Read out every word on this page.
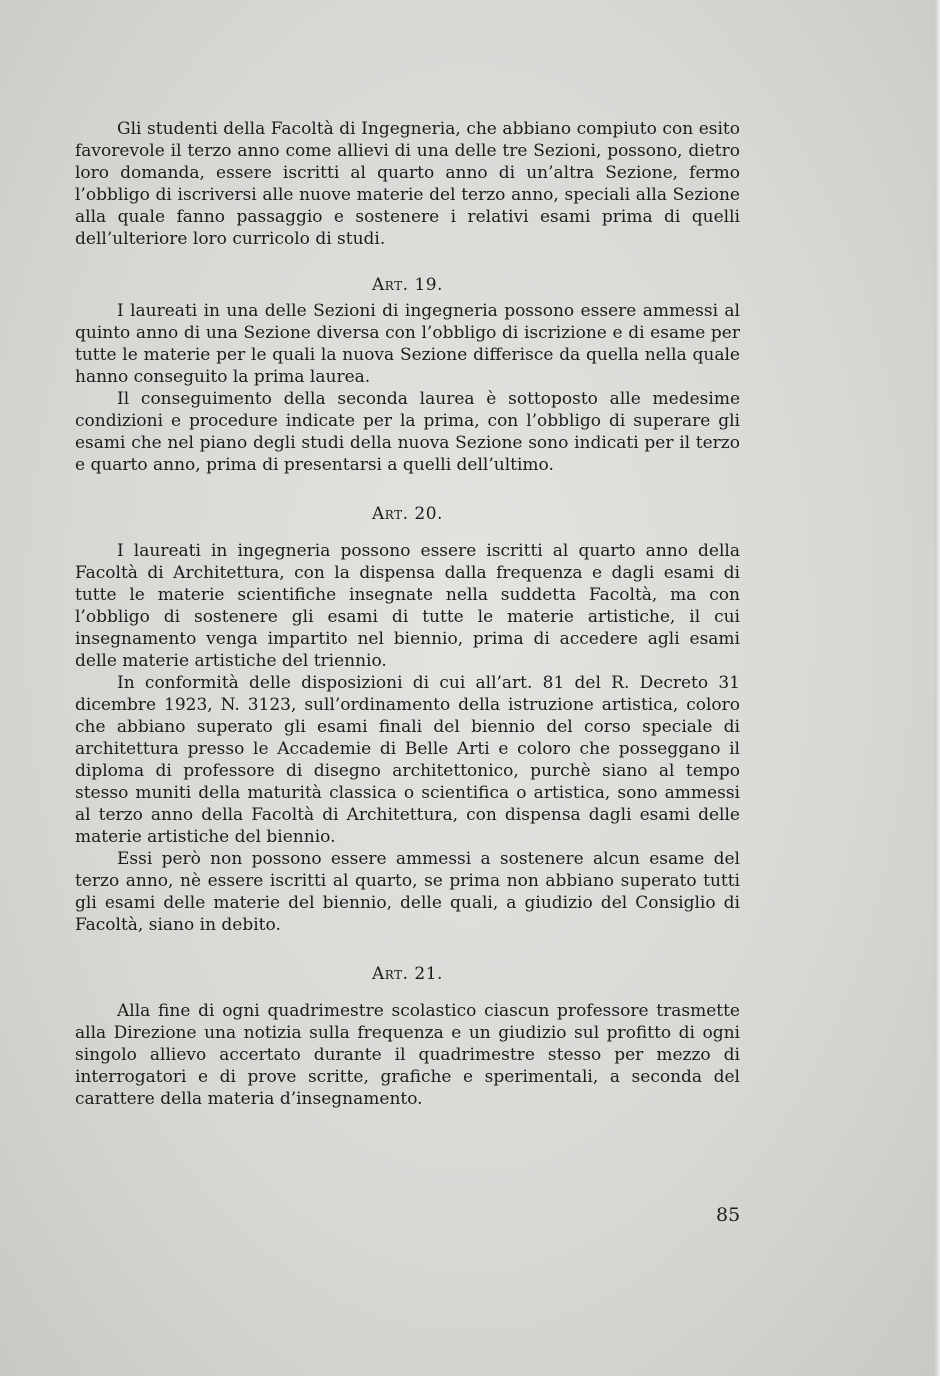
Gli studenti della Facoltà di Ingegneria, che abbiano compiuto con esito favorevole il terzo anno come allievi di una delle tre Sezioni, possono, dietro loro domanda, essere iscritti al quarto anno di un’altra Sezione, fermo l’obbligo di iscriversi alle nuove materie del terzo anno, speciali alla Sezione alla quale fanno passaggio e sostenere i relativi esami prima di quelli dell’ulteriore loro curricolo di studi.

Art. 19.

I laureati in una delle Sezioni di ingegneria possono essere ammessi al quinto anno di una Sezione diversa con l’obbligo di iscrizione e di esame per tutte le materie per le quali la nuova Sezione differisce da quella nella quale hanno conseguito la prima laurea.

Il conseguimento della seconda laurea è sottoposto alle medesime condizioni e procedure indicate per la prima, con l’obbligo di superare gli esami che nel piano degli studi della nuova Sezione sono indicati per il terzo e quarto anno, prima di presentarsi a quelli dell’ultimo.

Art. 20.

I laureati in ingegneria possono essere iscritti al quarto anno della Facoltà di Architettura, con la dispensa dalla frequenza e dagli esami di tutte le materie scientifiche insegnate nella suddetta Facoltà, ma con l’obbligo di sostenere gli esami di tutte le materie artistiche, il cui insegnamento venga impartito nel biennio, prima di accedere agli esami delle materie artistiche del triennio.

In conformità delle disposizioni di cui all’art. 81 del R. Decreto 31 dicembre 1923, N. 3123, sull’ordinamento della istruzione artistica, coloro che abbiano superato gli esami finali del biennio del corso speciale di architettura presso le Accademie di Belle Arti e coloro che posseggano il diploma di professore di disegno architettonico, purchè siano al tempo stesso muniti della maturità classica o scientifica o artistica, sono ammessi al terzo anno della Facoltà di Architettura, con dispensa dagli esami delle materie artistiche del biennio.

Essi però non possono essere ammessi a sostenere alcun esame del terzo anno, nè essere iscritti al quarto, se prima non abbiano superato tutti gli esami delle materie del biennio, delle quali, a giudizio del Consiglio di Facoltà, siano in debito.

Art. 21.

Alla fine di ogni quadrimestre scolastico ciascun professore trasmette alla Direzione una notizia sulla frequenza e un giudizio sul profitto di ogni singolo allievo accertato durante il quadrimestre stesso per mezzo di interrogatori e di prove scritte, grafiche e sperimentali, a seconda del carattere della materia d’insegnamento.

85
